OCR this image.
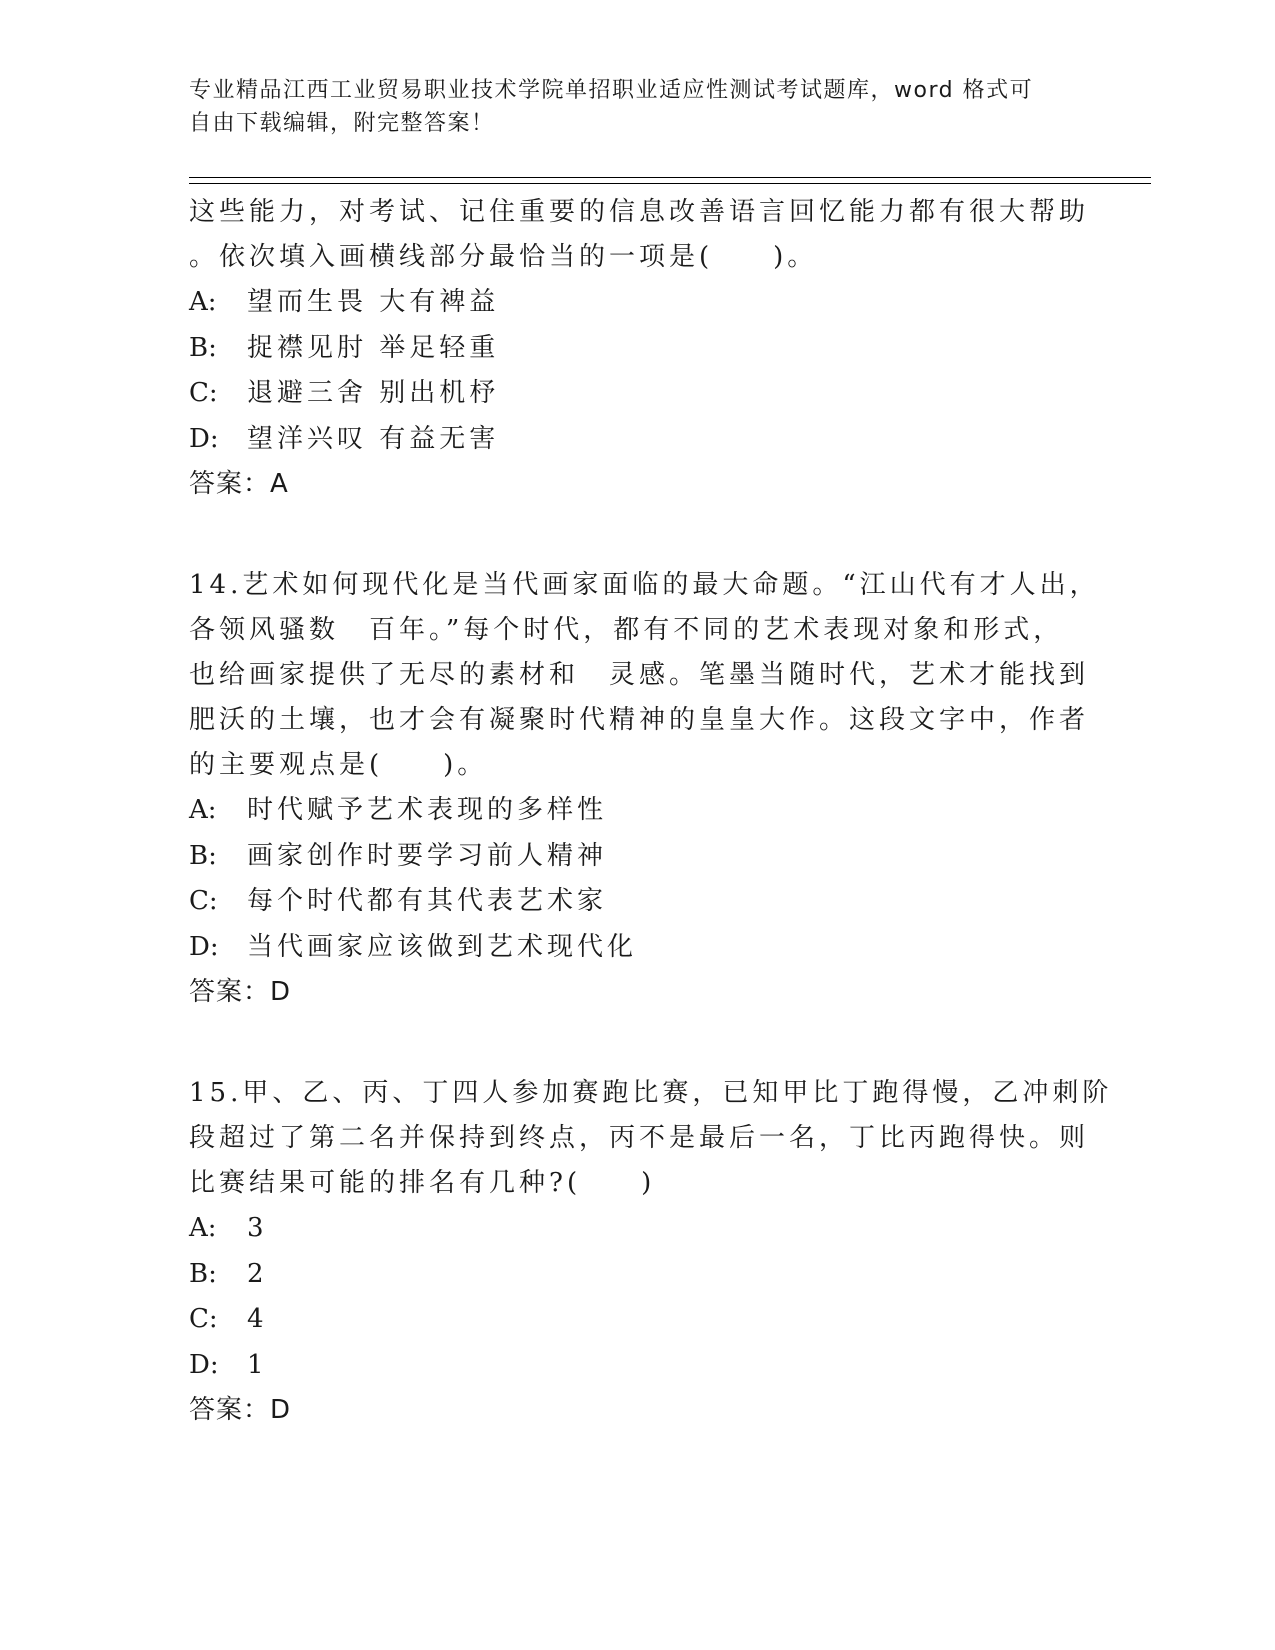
专业精品江西工业贸易职业技术学院单招职业适应性测试考试题库，word 格式可
自由下载编辑，附完整答案！
这些能力，对考试、记住重要的信息改善语言回忆能力都有很大帮助
。依次填入画横线部分最恰当的一项是(　　)。
A: 望而生畏 大有裨益
B: 捉襟见肘 举足轻重
C: 退避三舍 别出机杼
D: 望洋兴叹 有益无害
答案：A
14.艺术如何现代化是当代画家面临的最大命题。“江山代有才人出，
各领风骚数　百年。”每个时代，都有不同的艺术表现对象和形式，
也给画家提供了无尽的素材和　灵感。笔墨当随时代，艺术才能找到
肥沃的土壤，也才会有凝聚时代精神的皇皇大作。这段文字中，作者
的主要观点是(　　)。
A: 时代赋予艺术表现的多样性
B: 画家创作时要学习前人精神
C: 每个时代都有其代表艺术家
D: 当代画家应该做到艺术现代化
答案：D
15.甲、乙、丙、丁四人参加赛跑比赛，已知甲比丁跑得慢，乙冲刺阶
段超过了第二名并保持到终点，丙不是最后一名，丁比丙跑得快。则
比赛结果可能的排名有几种?(　　)
A: 3
B: 2
C: 4
D: 1
答案：D
